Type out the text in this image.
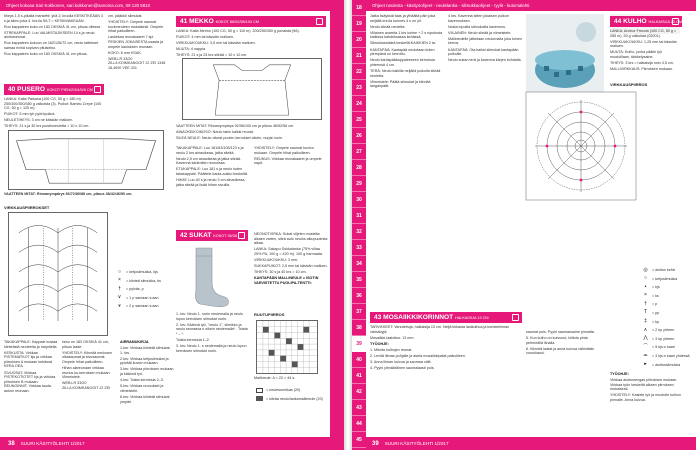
Ohjeet kokoaa Sari Kokkonen, sari.kokkonen@sanoma.com, 09 120 5810

tiheys 1,5 s-pikalla mansetti: yhä 2; kruolla KESKITKEÄÄN 3 s:ja silmu joka 4. krs:lla SILT = KESKIMAKEAÄN.

Ruo kappaleen koko on 183 OKSKIÄ 41 cm, pituus ollessa

STREKAPPALE: Luo VALMISTAJIKSEEN 14 s ja neulo aloitusreunat.

Ruo kappaleen kokoon on 182/126/72 cm, neulo taitekset samaa rivinä sopivan pituiseksi.

Ruo kappaleen koko on 183 OKSKIÄ 41 cm pituus.

40 PUSERO KOKOT PIEN/2/3/4/5/6 CM

LANKA: Katia Paisana (100 CG, 50 g = 180 m) 250/300/350/380 g valkoista (3). Puikot: Bambu Crepe (100 CG, 50 g = 125 m).

PUIKOT: 5 mm lyh pyöröpuikot.

NEULETIHEYS: 3 cm ne kässiän malluen.

TIHEYS: 21 s ja 30 krs joustinneuletta = 10 x 10 cm.

cm, pääkkö silmukat.

YHDISTELY: Ompele saumat kuvioneuleen mukaisesti. Ompele hihat paikoilleen.

Laskekaa reunakaaret 7 kpl PESKIEN JOKAISESTA osasta ja ompele kauluksen reunaan.

KOKO: 6 mm KSAK.

WEB.LR 33/20 ZILL/LKOIMKANOOIT J2 ZEI 1348 18,4000 VEE 331

VAATTEEN MITAT: Rinnanympärys 66/72/80/88 cm, pituus 38/42/46/50 cm.

VIRKKAUSPIIRROKSET
○ = ketjusilmukka, kjs
× = kiinteä silmukka, ks
† = pylväs, p
∨ = 1 p samaan s:aan
⩔ = 2 p samaan s:aan

TAKAKAPPALE: Kappale kostaa kiinteästä neuleetta ja harjoitella.

KESKUSTA: Virkkaa PISTEMATKOT kjs ja virkkaa piirroksen A mukaan kehässä KERA OEA.

SIVUOSAT: Virkkaa PISTEKOTIOTET kjs ja virkkaa piirroksen B mukaan. REUNOINNIT: Virkkaa kaula-aukon reunaan.

kesu on 183 OKSKIÄ 41 cm, pituus laske.

YHDISTELY: Kiinnitä neulosen olkasaumat ja sivusaumat. Ompele hihat paikoilleen.

Hihan alareunaan virkkaa reunus ks-kerroksen mukaan. Viimeistele.

WEB.LR 33/20 ZILL/LKOIMKANOOIT J2 ZEI

AIRRAMUKIRJA

1.krs: Virkkaa kiinteät silmukat, 1. krs.

2.krs: Virkkaa ketjusilmukat ja pylväät kuvion mukaan.

3.krs: Virkkaa piirroksen mukaan ja käännä työ.

4.krs: Toista kerroksia 2–3.

5.krs: Virkkaa reunukset ja viimeistele.

6.krs: Virkkaa kiinteät silmukat ympäri.

41 MEKKO KOKOT 86/92/98/104 CM

LANKA: Katia Merino (100 CG, 50 g = 110 m). 200/250/300 g punaista (56).

PUIKOT: 4 mm tai kässiän malluen.

VIRKKUUKOUKKU: 3,5 mm tai kässiän malluen.

MUUTA: 4 nappia.

TIHEYS: 21 s ja 24 krs sileää = 10 x 10 cm.

VAATTEEN MITAT: Rinnanympärys 92/96/100 cm ja pituus 46/52/56 cm.

AINAOKEIKOINOSO: Neulo takin kaikki reunat.

SILEÄ NEULE: Neulo oikeat puolen kerrokset oikein, nurjat nurin.

TAKAKAPPALE: Luo 181/83/105/123 s ja neulo 2 krs ainaoikeaa, jatka sileää.

Neulo 2,5 cm ainaoikeaa ja jatka sileää. Kavenna kädentien reunoissa.

ETUKAPPALE: Luo 181 s ja neulo kuten takakappale. Päättele kaula-aukko keskeltä.

HIHAT: Luo 40 s ja neulo 3 cm ainaoikeaa, jatka sileää ja lisää hihan sivuilla.

YHDISTELY: Ompele saumat kuvion mukaan. Ompele hihat paikoilleen.

REUNUS: Virkkaa reunakaaret ja ompele napit.

42 SUKAT KOKOT 36/38	NEONOTVIRKA: Sukat viljelen mustelta alkaen varten, sileä aulo neulos alkupuolesta alkaa.

LANKA: Sakapu Sukkalanka (75% villaa 25% PA, 100 g = 420 m). 100 g harmaata.

VIRKKUUKOUKKU: 3 mm.

SUKKAPUIKOT: 2,5 mm tai kässiän malluen.

TIHEYS: 30 s ja 40 krs = 10 cm.

KANTAPÄÄN MALLINEULE = ISOTIN VARVISTETTU PUOLIPA-TENTTI:

1. krs: Neulo 1. nurin neulemalla ja neulo lopun kerroksen silmukat nurin.

2. krs: Käännä työ, "neulo 1", silmikko ja neulo seuraava s oikein neulemalla* . Toista * – *.

Toista kerroksia 1–2.

3. krs: Neulo 1. s neulemalla ja neulo lopun kerroksen silmukat nurin.

RUUTUPIIRROS

Mallineule: A = 22 × 44 s.

= neulesunnikas (20)
= sileäa neulo/lankamallineule (20)
38 SUURI KÄSITYÖLEHTI 1/2017
18
19
20
21
22
23
24
25
26
27
28
29
30
31
32
33
34
35
36
37
38
39
40
41
42
43
44
45
Ohjeet neulesta - käsityöohjeet - neulelanka - silmukkaohjeet - tyylit - kutomalehti

Jatka lisäyksiä taas ja ylhäältä päin joka neljällä krs:lla kunnes 4 s on yli.

Neulo sileää neuletta.

Viilainen avarrita 1 krs kolme + 2 s niputusta kaikissa kahdeksassa kehässä.

Silmukkamäärä keskellä:KAIKKIEN 2 ta.

KANTAPÄÄ: Kantapää neulotaan kuten ylempänä on kerrottu.

Neulo kantapääkappaleeseen kerroksia yhteensä 4 cm.

TERÄ: Neulo kaikilla neljällä puikolla sileää neuletta.

Viimeistele: Päätä silmukat ja kiinnitä langanpäät.

4 krs. Kavenna sitten jokaisen puikon kavennuksen.

Nosta lopuilla silmukoilla kavennus.

VIILAINEN: Neulo sileää ja viimeistele.

Mallineulelle jatketaan neulomalla joka toinen kerros.

KANTAPÄÄ: Ota kaikki silmukat kantapään puikoille.

Neulo sukan terä ja kavenna kärjen kohdalla.

44 KULHO HALKAISIJA 20 CM

LANKA: Anchor Freccia (100 CG, 50 g = 285 m), 50 g valkoista (02001).

VIRKKUUKOUKKU: 1,25 mm tai kässiän malluen.

MUUTA: Kulho, jonka päälle työ muotoillaan, tärkkelysaine.

TIHEYS: 3 krs = halkaisija noin 4,5 cm.

MALLIVIRKKAUS: Piirroksen mukaan.

VIRKKAUSPIIRROS
◎ = aloitus kehä
○ = ketjusilmukka
• = kjs
× = ks
† = p
T = pp
‡ = kp
∧ = 2 kp yhteen
⋀ = 3 kp yhteen
⌒ = 5 kjs:n kaari
⌓ = 3 kjs:n kaari yhdessä
▸ = aloitussilmukka

TYÖOHJE:

Virkkaa aloitusrengas piirroksen mukaan. Virkkaa työn keskeltä alkaen piirroksen mukaisesti.

YHDISTELY: Kastele työ ja muotoile kulhon pinnalle. Anna kuivua.

43 MOSAIIKKIKORINNOT HALKAISIJA 13 CM

TARVIKKEET: Vanutettuja, halkaisija 13 cm. Neljä kirkasta lasikulhoa ja koristeleiman värisävyjä.

Mosaiikki-laatoitus: 13 mm.

TYÖOHJE:

1. Mitoita kulhojen reunat.

2. Levitä liimaa pohjalle ja aseta mosaiikkipalat paikoilleen.

3. Anna liiman kuivua ja saumaa välit.

4. Pyyhi ylimääräinen saumalaasti pois.

saumat pois. Pyyhi saumausaine pinnalta.

5. Kun kulho on kuivunut, kiillota pinta pehmeällä liinalla.

6. Kiinnitä laatat ja anna kuivua vähintään vuorokausi.

39 SUURI KÄSITYÖLEHTI 1/2017
